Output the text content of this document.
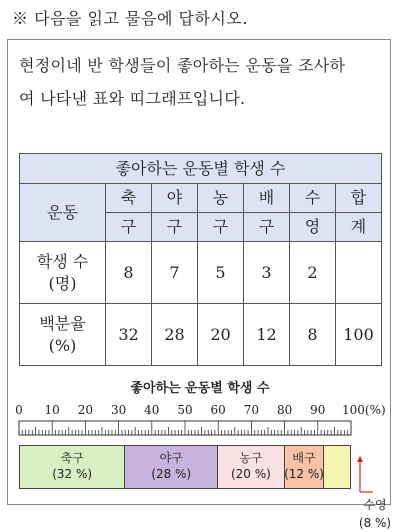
※ 다음을 읽고 물음에 답하시오.
현정이네 반 학생들이 좋아하는 운동을 조사하
여 나타낸 표와 띠그래프입니다.
좋아하는 운동별 학생 수						
운동	축	야	농	배	수	합
	구	구	구	구	영	계

학생 수
(명)	8	7	5	3	2	

백분율
(%)	32	28	20	12	8	100
좋아하는 운동별 학생 수
0 10 20 30 40 50 60 70 80 90 100(%)
축구
(32 %)
야구
(28 %)
농구
(20 %)
배구
(12 %)
수영
(8 %)
